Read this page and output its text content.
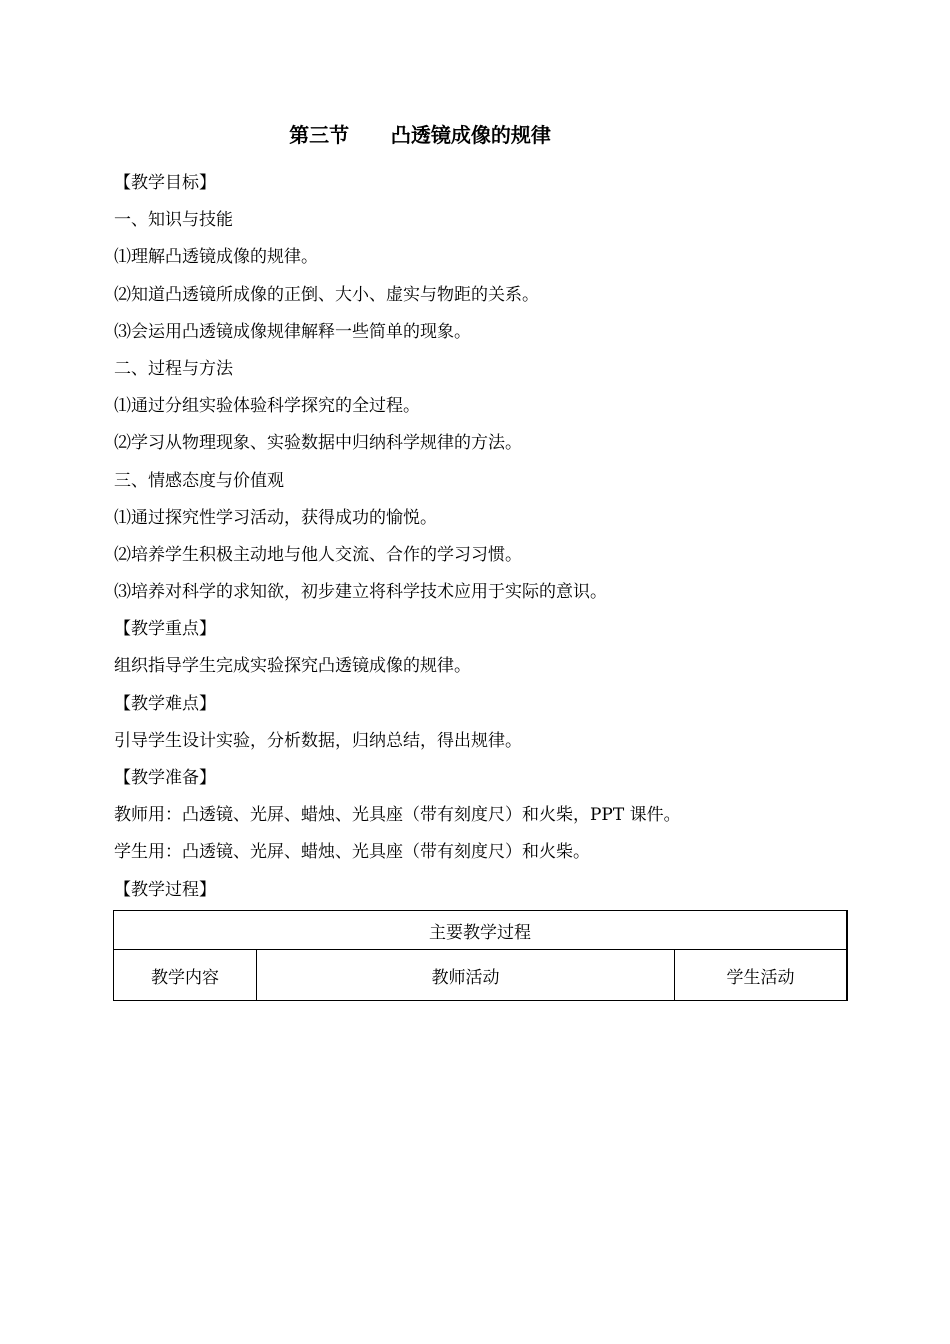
第三节      凸透镜成像的规律
【教学目标】
一、知识与技能
⑴理解凸透镜成像的规律。
⑵知道凸透镜所成像的正倒、大小、虚实与物距的关系。
⑶会运用凸透镜成像规律解释一些简单的现象。
二、过程与方法
⑴通过分组实验体验科学探究的全过程。
⑵学习从物理现象、实验数据中归纳科学规律的方法。
三、情感态度与价值观
⑴通过探究性学习活动，获得成功的愉悦。
⑵培养学生积极主动地与他人交流、合作的学习习惯。
⑶培养对科学的求知欲，初步建立将科学技术应用于实际的意识。
【教学重点】
组织指导学生完成实验探究凸透镜成像的规律。
【教学难点】
引导学生设计实验，分析数据，归纳总结，得出规律。
【教学准备】
教师用：凸透镜、光屏、蜡烛、光具座（带有刻度尺）和火柴，PPT 课件。
学生用：凸透镜、光屏、蜡烛、光具座（带有刻度尺）和火柴。
【教学过程】
主要教学过程
教学内容	教师活动	学生活动
